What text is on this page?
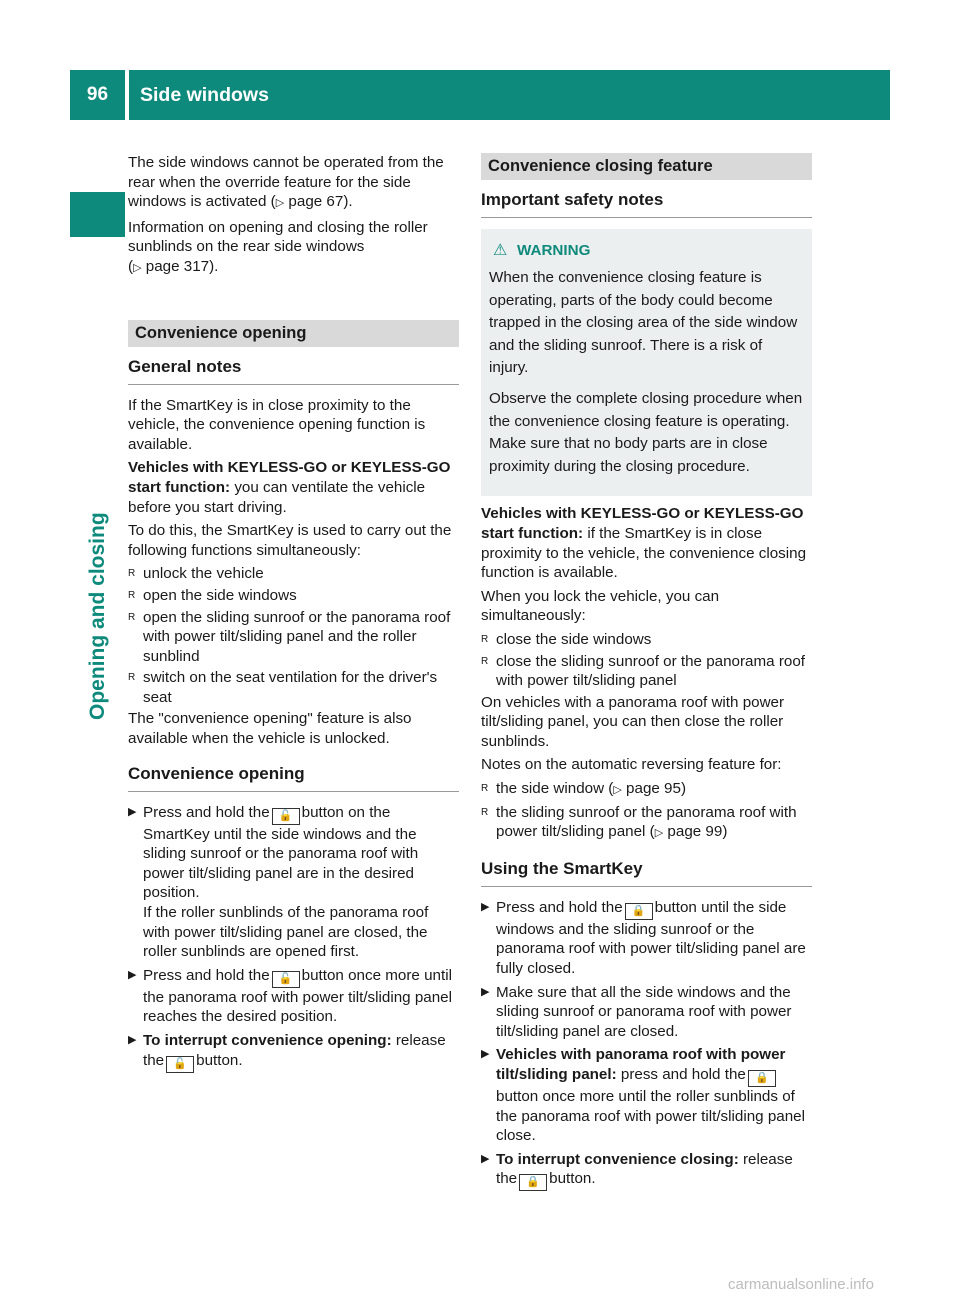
96	Side windows
Opening and closing

The side windows cannot be operated from the rear when the override feature for the side windows is activated (▷ page 67).

Information on opening and closing the roller sunblinds on the rear side windows
(▷ page 317).

Convenience opening
General notes

If the SmartKey is in close proximity to the vehicle, the convenience opening function is available.

Vehicles with KEYLESS-GO or KEYLESS-GO start function: you can ventilate the vehicle before you start driving.

To do this, the SmartKey is used to carry out the following functions simultaneously:

R unlock the vehicle
R open the side windows
R open the sliding sunroof or the panorama roof with power tilt/sliding panel and the roller sunblind
R switch on the seat ventilation for the driver's seat

The "convenience opening" feature is also available when the vehicle is unlocked.

Convenience opening
▶ Press and hold the 🔓 button on the SmartKey until the side windows and the sliding sunroof or the panorama roof with power tilt/sliding panel are in the desired position.
If the roller sunblinds of the panorama roof with power tilt/sliding panel are closed, the roller sunblinds are opened first.
▶ Press and hold the 🔓 button once more until the panorama roof with power tilt/sliding panel reaches the desired position.
▶ To interrupt convenience opening: release the 🔓 button.
Convenience closing feature
Important safety notes
⚠ WARNING

When the convenience closing feature is operating, parts of the body could become trapped in the closing area of the side window and the sliding sunroof. There is a risk of injury.

Observe the complete closing procedure when the convenience closing feature is operating. Make sure that no body parts are in close proximity during the closing procedure.

Vehicles with KEYLESS-GO or KEYLESS-GO start function: if the SmartKey is in close proximity to the vehicle, the convenience closing function is available.

When you lock the vehicle, you can simultaneously:

R close the side windows
R close the sliding sunroof or the panorama roof with power tilt/sliding panel

On vehicles with a panorama roof with power tilt/sliding panel, you can then close the roller sunblinds.

Notes on the automatic reversing feature for:

R the side window (▷ page 95)
R the sliding sunroof or the panorama roof with power tilt/sliding panel (▷ page 99)
Using the SmartKey
▶ Press and hold the 🔒 button until the side windows and the sliding sunroof or the panorama roof with power tilt/sliding panel are fully closed.
▶ Make sure that all the side windows and the sliding sunroof or panorama roof with power tilt/sliding panel are closed.
▶ Vehicles with panorama roof with power tilt/sliding panel: press and hold the 🔒button once more until the roller sunblinds of the panorama roof with power tilt/sliding panel close.
▶ To interrupt convenience closing: release the 🔒 button.
carmanualsonline.info
